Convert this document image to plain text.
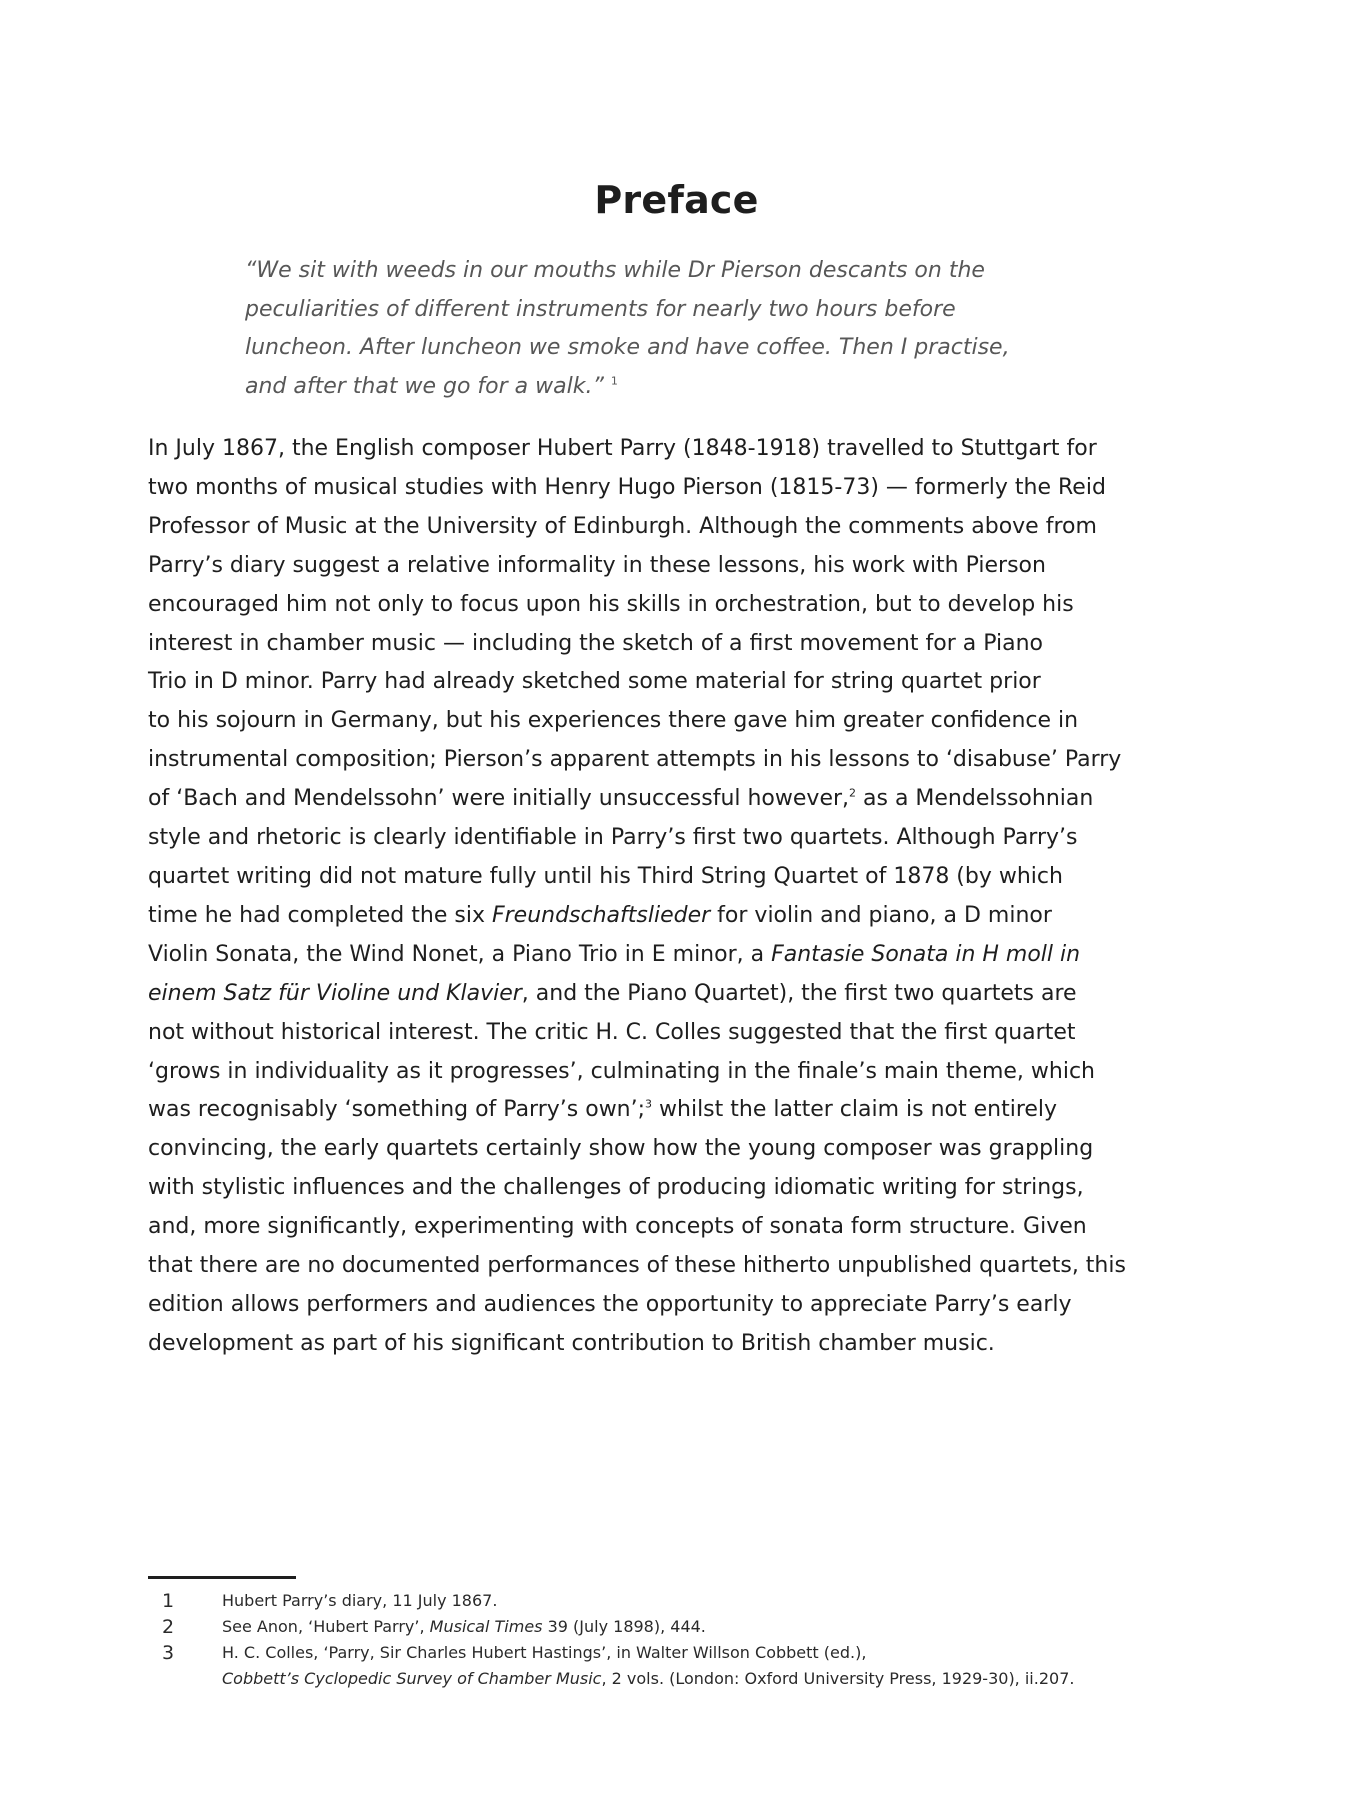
Preface
“We sit with weeds in our mouths while Dr Pierson descants on the
peculiarities of different instruments for nearly two hours before
luncheon. After luncheon we smoke and have coffee. Then I practise,
and after that we go for a walk.” $^1$
In July 1867, the English composer Hubert Parry (1848-1918) travelled to Stuttgart for
two months of musical studies with Henry Hugo Pierson (1815-73) — formerly the Reid
Professor of Music at the University of Edinburgh. Although the comments above from
Parry’s diary suggest a relative informality in these lessons, his work with Pierson
encouraged him not only to focus upon his skills in orchestration, but to develop his
interest in chamber music — including the sketch of a first movement for a Piano
Trio in D minor. Parry had already sketched some material for string quartet prior
to his sojourn in Germany, but his experiences there gave him greater confidence in
instrumental composition; Pierson’s apparent attempts in his lessons to ‘disabuse’ Parry
of ‘Bach and Mendelssohn’ were initially unsuccessful however,$^2$ as a Mendelssohnian
style and rhetoric is clearly identifiable in Parry’s first two quartets. Although Parry’s
quartet writing did not mature fully until his Third String Quartet of 1878 (by which
time he had completed the six Freundschaftslieder for violin and piano, a D minor
Violin Sonata, the Wind Nonet, a Piano Trio in E minor, a Fantasie Sonata in H moll in
einem Satz für Violine und Klavier, and the Piano Quartet), the first two quartets are
not without historical interest. The critic H. C. Colles suggested that the first quartet
‘grows in individuality as it progresses’, culminating in the finale’s main theme, which
was recognisably ‘something of Parry’s own’;$^3$ whilst the latter claim is not entirely
convincing, the early quartets certainly show how the young composer was grappling
with stylistic influences and the challenges of producing idiomatic writing for strings,
and, more significantly, experimenting with concepts of sonata form structure. Given
that there are no documented performances of these hitherto unpublished quartets, this
edition allows performers and audiences the opportunity to appreciate Parry’s early
development as part of his significant contribution to British chamber music.
1	Hubert Parry’s diary, 11 July 1867.
2	See Anon, ‘Hubert Parry’, Musical Times 39 (July 1898), 444.
3	H. C. Colles, ‘Parry, Sir Charles Hubert Hastings’, in Walter Willson Cobbett (ed.),
Cobbett’s Cyclopedic Survey of Chamber Music, 2 vols. (London: Oxford University Press, 1929-30), ii.207.
